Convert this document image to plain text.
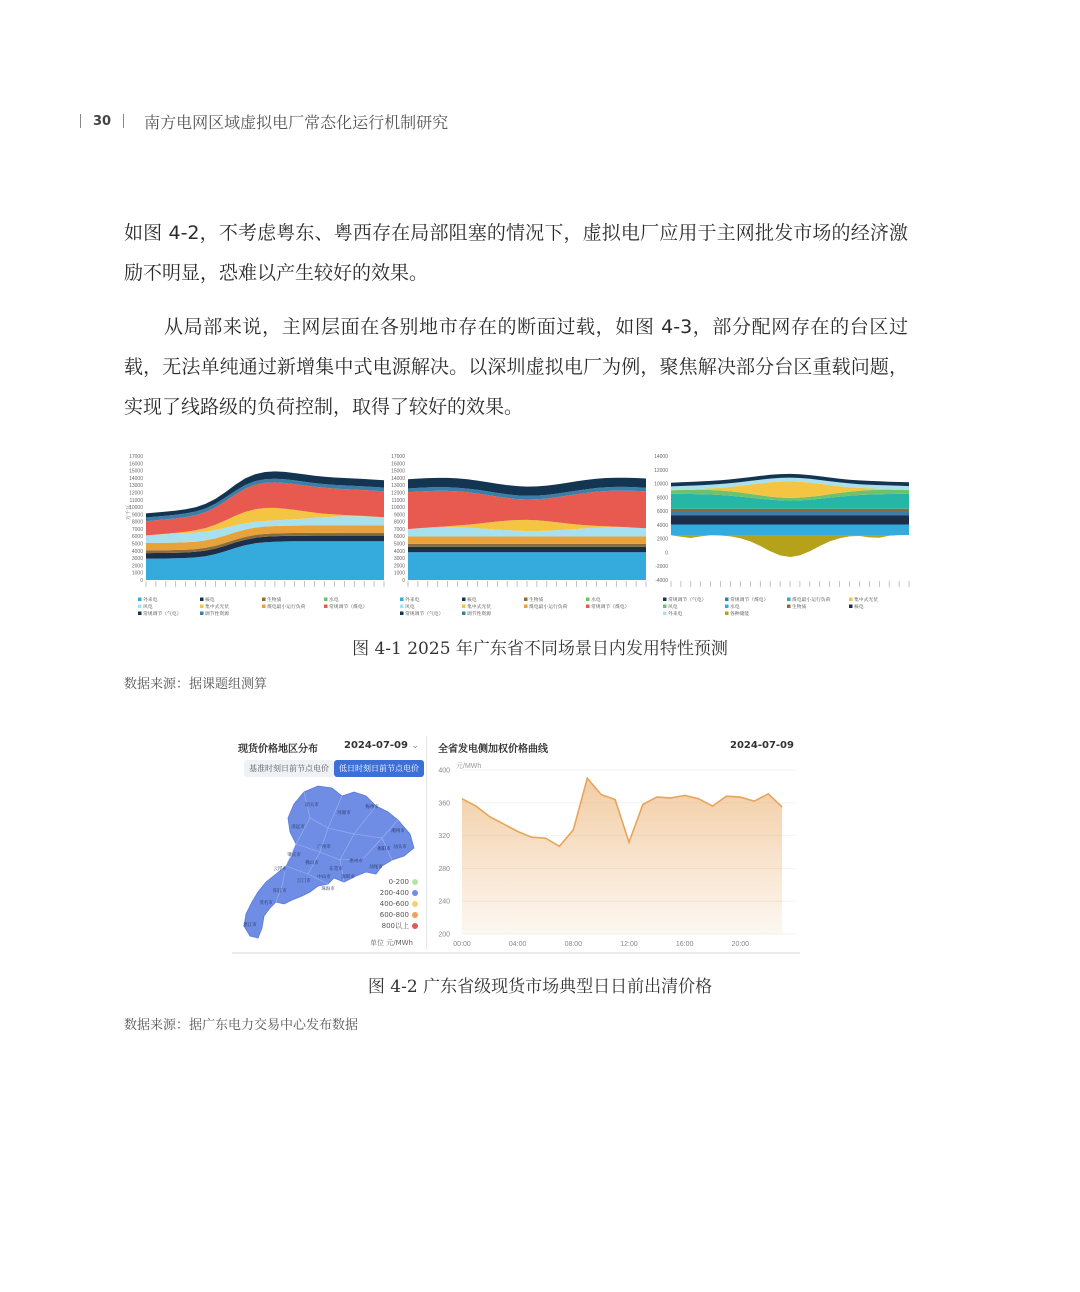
30 南方电网区域虚拟电厂常态化运行机制研究

如图 4-2，不考虑粤东、粤西存在局部阻塞的情况下，虚拟电厂应用于主网批发市场的经济激励不明显，恐难以产生较好的效果。

从局部来说，主网层面在各别地市存在的断面过载，如图 4-3，部分配网存在的台区过载，无法单纯通过新增集中式电源解决。以深圳虚拟电厂为例，聚焦解决部分台区重载问题，实现了线路级的负荷控制，取得了较好的效果。

17000
16000
15000
14000
13000
12000
11000
10000
9000
8000
7000
6000
5000
4000
3000
2000
1000
0
万千瓦
外来电	核电	生物质	水电
风电	集中式光伏	煤电最小运行负荷	常规调节（煤电）
常规调节（气电）	调节性资源
17000
16000
15000
14000
13000
12000
11000
10000
9000
8000
7000
6000
5000
4000
3000
2000
1000
0
外来电	核电	生物质	水电
风电	集中式光伏	煤电最小运行负荷	常规调节（煤电）
常规调节（气电）	调节性资源
14000
12000
10000
8000
6000
4000
2000
0
-2000
-4000
常规调节（气电）	常规调节（煤电）	煤电最小运行负荷	集中式光伏
风电	水电	生物质	核电
外来电	各种储能
图 4-1 2025 年广东省不同场景日内发用特性预测
数据来源：据课题组测算
现货价格地区分布	2024-07-09 ⌄
基准时刻日前节点电价	低日时刻日前节点电价
韶关市
清远市
河源市
梅州市
潮州市
揭阳市 汕头市
汕尾市
惠州市
广州市
肇庆市
云浮市
佛山市
东莞市
深圳市
中山市
江门市
珠海市
阳江市
茂名市
湛江市
0-200
200-400
400-600
600-800
800以上
单位 元/MWh
全省发电侧加权价格曲线	2024-07-09
元/MWh
200
240
280
320
360
400
00:00	04:00	08:00	12:00	16:00	20:00
图 4-2 广东省级现货市场典型日日前出清价格
数据来源：据广东电力交易中心发布数据
